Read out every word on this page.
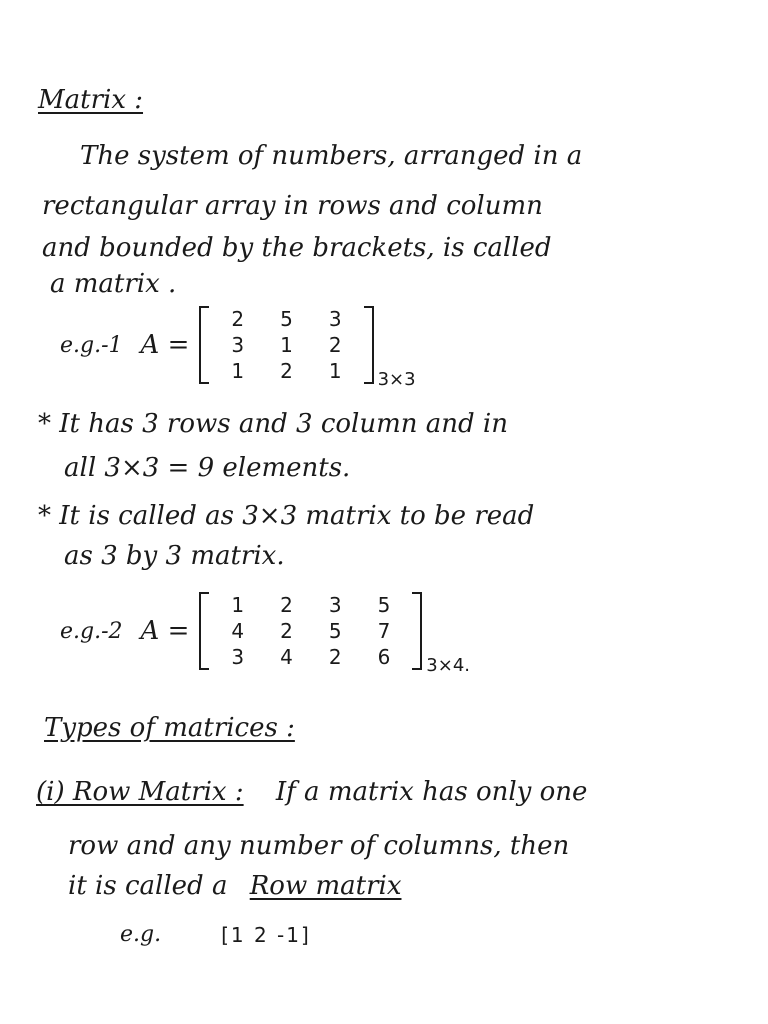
Matrix :
The system of numbers, arranged in a
rectangular array in rows and column
and bounded by the brackets, is called
a matrix .
e.g.-1 A =
2	5	3
3	1	2
1	2	1 3×3
* It has 3 rows and 3 column and in
all 3×3 = 9 elements.
* It is called as 3×3 matrix to be read
as 3 by 3 matrix.
e.g.-2 A =
1	2	3	5
4	2	5	7
3	4	2	6 3×4.
Types of matrices :
(i) Row Matrix : If a matrix has only one
row and any number of columns, then
it is called a Row matrix
e.g.	[1 2 -1]
